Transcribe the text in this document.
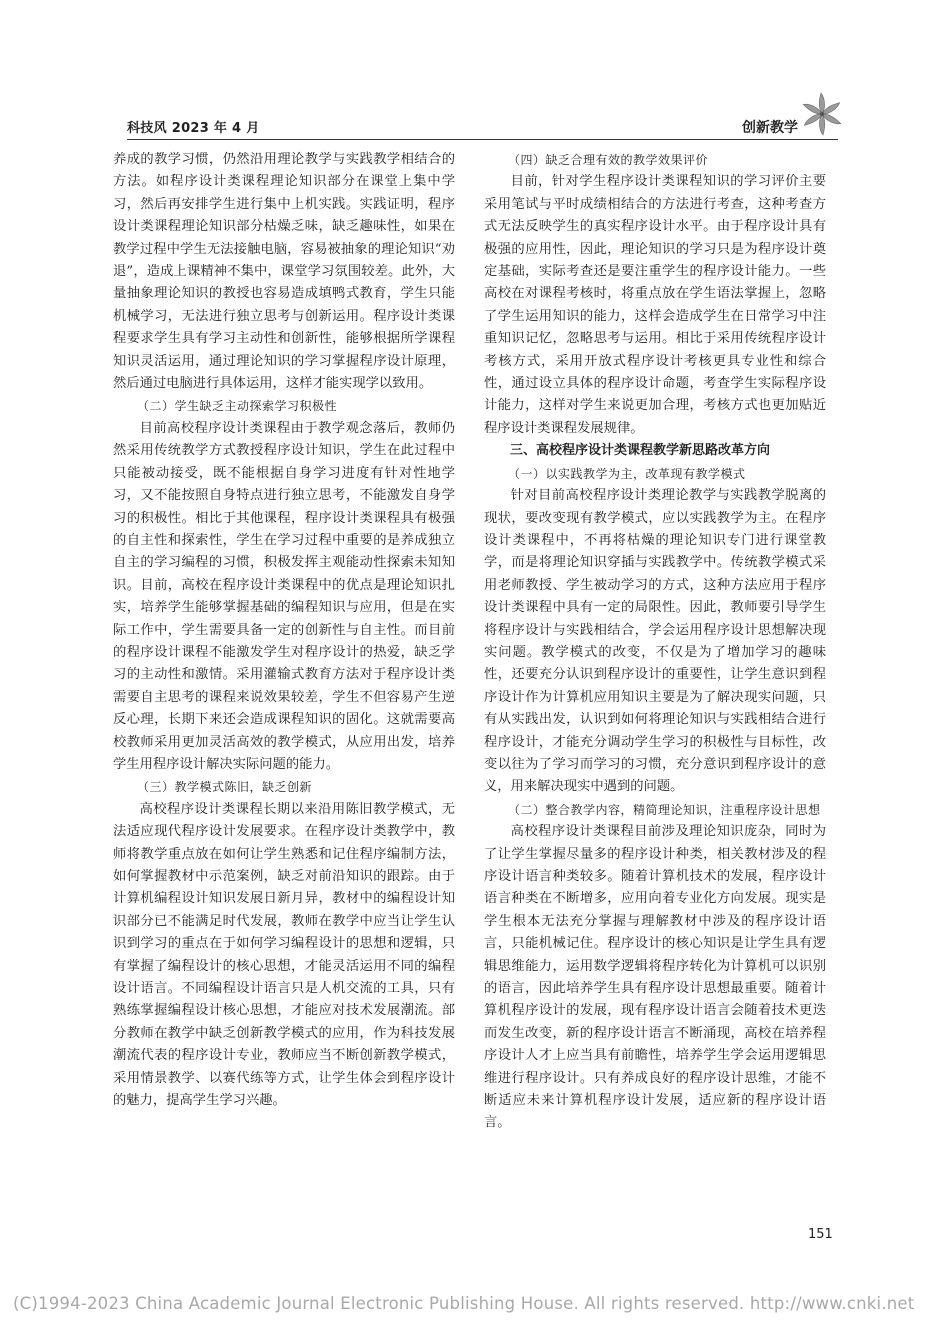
科技风 2023 年 4 月	创新教学

养成的教学习惯，仍然沿用理论教学与实践教学相结合的方法。如程序设计类课程理论知识部分在课堂上集中学习，然后再安排学生进行集中上机实践。实践证明，程序设计类课程理论知识部分枯燥乏味，缺乏趣味性，如果在教学过程中学生无法接触电脑，容易被抽象的理论知识“劝退”，造成上课精神不集中，课堂学习氛围较差。此外，大量抽象理论知识的教授也容易造成填鸭式教育，学生只能机械学习，无法进行独立思考与创新运用。程序设计类课程要求学生具有学习主动性和创新性，能够根据所学课程知识灵活运用，通过理论知识的学习掌握程序设计原理，然后通过电脑进行具体运用，这样才能实现学以致用。

（二）学生缺乏主动探索学习积极性

目前高校程序设计类课程由于教学观念落后，教师仍然采用传统教学方式教授程序设计知识，学生在此过程中只能被动接受，既不能根据自身学习进度有针对性地学习，又不能按照自身特点进行独立思考，不能激发自身学习的积极性。相比于其他课程，程序设计类课程具有极强的自主性和探索性，学生在学习过程中重要的是养成独立自主的学习编程的习惯，积极发挥主观能动性探索未知知识。目前，高校在程序设计类课程中的优点是理论知识扎实，培养学生能够掌握基础的编程知识与应用，但是在实际工作中，学生需要具备一定的创新性与自主性。而目前的程序设计课程不能激发学生对程序设计的热爱，缺乏学习的主动性和激情。采用灌输式教育方法对于程序设计类需要自主思考的课程来说效果较差，学生不但容易产生逆反心理，长期下来还会造成课程知识的固化。这就需要高校教师采用更加灵活高效的教学模式，从应用出发，培养学生用程序设计解决实际问题的能力。

（三）教学模式陈旧，缺乏创新

高校程序设计类课程长期以来沿用陈旧教学模式，无法适应现代程序设计发展要求。在程序设计类教学中，教师将教学重点放在如何让学生熟悉和记住程序编制方法，如何掌握教材中示范案例，缺乏对前沿知识的跟踪。由于计算机编程设计知识发展日新月异，教材中的编程设计知识部分已不能满足时代发展，教师在教学中应当让学生认识到学习的重点在于如何学习编程设计的思想和逻辑，只有掌握了编程设计的核心思想，才能灵活运用不同的编程设计语言。不同编程设计语言只是人机交流的工具，只有熟练掌握编程设计核心思想，才能应对技术发展潮流。部分教师在教学中缺乏创新教学模式的应用，作为科技发展潮流代表的程序设计专业，教师应当不断创新教学模式，采用情景教学、以赛代练等方式，让学生体会到程序设计的魅力，提高学生学习兴趣。

（四）缺乏合理有效的教学效果评价

目前，针对学生程序设计类课程知识的学习评价主要采用笔试与平时成绩相结合的方法进行考查，这种考查方式无法反映学生的真实程序设计水平。由于程序设计具有极强的应用性，因此，理论知识的学习只是为程序设计奠定基础，实际考查还是要注重学生的程序设计能力。一些高校在对课程考核时，将重点放在学生语法掌握上，忽略了学生运用知识的能力，这样会造成学生在日常学习中注重知识记忆，忽略思考与运用。相比于采用传统程序设计考核方式，采用开放式程序设计考核更具专业性和综合性，通过设立具体的程序设计命题，考查学生实际程序设计能力，这样对学生来说更加合理，考核方式也更加贴近程序设计类课程发展规律。

三、高校程序设计类课程教学新思路改革方向
（一）以实践教学为主，改革现有教学模式

针对目前高校程序设计类理论教学与实践教学脱离的现状，要改变现有教学模式，应以实践教学为主。在程序设计类课程中，不再将枯燥的理论知识专门进行课堂教学，而是将理论知识穿插与实践教学中。传统教学模式采用老师教授、学生被动学习的方式，这种方法应用于程序设计类课程中具有一定的局限性。因此，教师要引导学生将程序设计与实践相结合，学会运用程序设计思想解决现实问题。教学模式的改变，不仅是为了增加学习的趣味性，还要充分认识到程序设计的重要性，让学生意识到程序设计作为计算机应用知识主要是为了解决现实问题，只有从实践出发，认识到如何将理论知识与实践相结合进行程序设计，才能充分调动学生学习的积极性与目标性，改变以往为了学习而学习的习惯，充分意识到程序设计的意义，用来解决现实中遇到的问题。

（二）整合教学内容，精简理论知识，注重程序设计思想

高校程序设计类课程目前涉及理论知识庞杂，同时为了让学生掌握尽量多的程序设计种类，相关教材涉及的程序设计语言种类较多。随着计算机技术的发展，程序设计语言种类在不断增多，应用向着专业化方向发展。现实是学生根本无法充分掌握与理解教材中涉及的程序设计语言，只能机械记住。程序设计的核心知识是让学生具有逻辑思维能力，运用数学逻辑将程序转化为计算机可以识别的语言，因此培养学生具有程序设计思想最重要。随着计算机程序设计的发展，现有程序设计语言会随着技术更迭而发生改变，新的程序设计语言不断涌现，高校在培养程序设计人才上应当具有前瞻性，培养学生学会运用逻辑思维进行程序设计。只有养成良好的程序设计思维，才能不断适应未来计算机程序设计发展，适应新的程序设计语言。

151
(C)1994-2023 China Academic Journal Electronic Publishing House. All rights reserved. http://www.cnki.net
